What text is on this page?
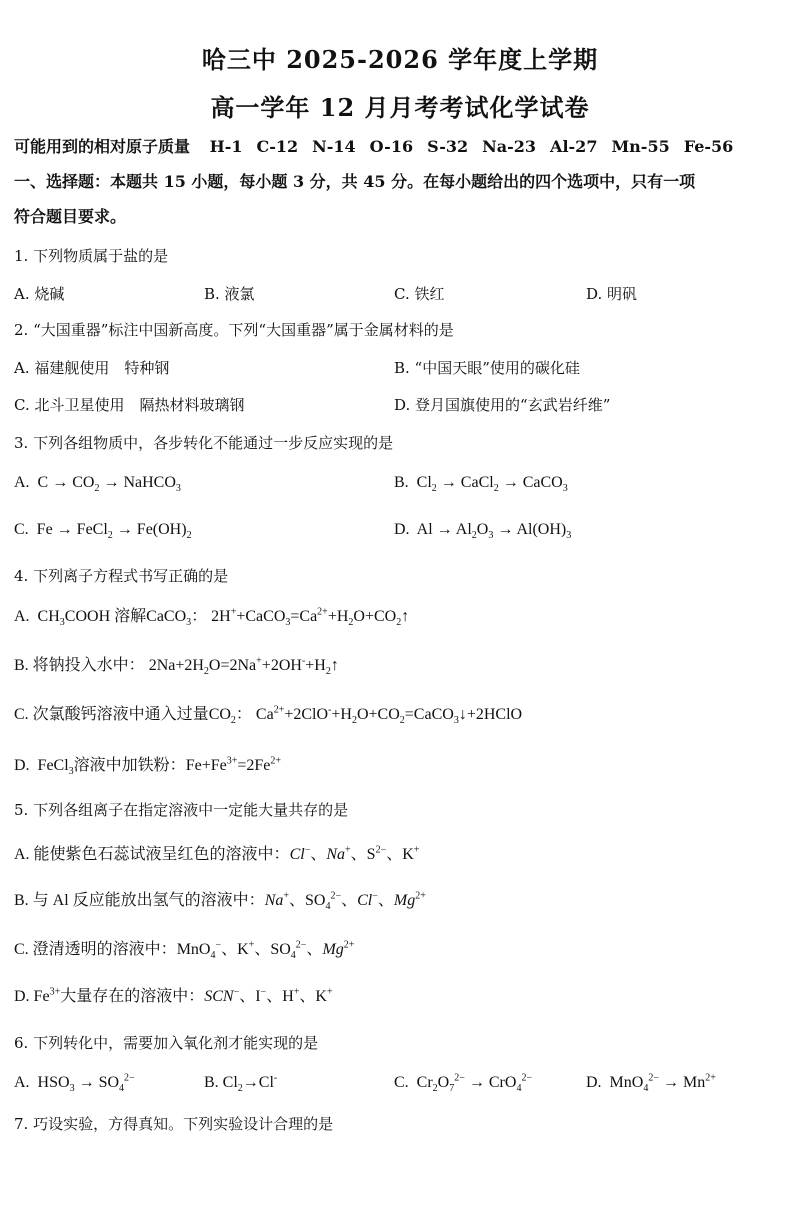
哈三中 2025-2026 学年度上学期
高一学年 12 月月考考试化学试卷
可能用到的相对原子质量 H-1 C-12 N-14 O-16 S-32 Na-23 Al-27 Mn-55 Fe-56
一、选择题：本题共 15 小题，每小题 3 分，共 45 分。在每小题给出的四个选项中，只有一项
符合题目要求。
1. 下列物质属于盐的是
A. 烧碱	B. 液氯	C. 铁红	D. 明矾
2. “大国重器”标注中国新高度。下列“大国重器”属于金属材料的是
A. 福建舰使用　特种钢	B. “中国天眼”使用的碳化硅
C. 北斗卫星使用　隔热材料玻璃钢	D. 登月国旗使用的“玄武岩纤维”
3. 下列各组物质中，各步转化不能通过一步反应实现的是
A.  $C \to CO_2$ → NaHCO$_3$	B.  $Cl_2$ → CaCl$_2$ → CaCO$_3$
C.  Fe → FeCl$_2$ → $Fe(OH)_2$	D.  $Al \to Al_2O_3 \to Al(OH)_3$
4. 下列离子方程式书写正确的是
A.  $CH_3COOH$ 溶解CaCO$_3$： $2H^++CaCO_3=Ca^{2+}+H_2O+CO_2↑$
B. 将钠投入水中： $2Na+2H_2O=2Na^++2OH^-+H_2↑$
C. 次氯酸钙溶液中通入过量$CO_2$： $Ca^{2+}+2ClO^-+H_2O+CO_2=CaCO_3↓+2HClO$
D.  FeCl$_3$溶液中加铁粉：$Fe+Fe^{3+}=2Fe^{2+}$
5. 下列各组离子在指定溶液中一定能大量共存的是
A. 能使紫色石蕊试液呈红色的溶液中：Cl−、Na+、$S^{2-}$、K+
B. 与 Al 反应能放出氢气的溶液中：Na+、$SO_4^{2-}$、Cl−、$Mg^{2+}$
C. 澄清透明的溶液中：MnO$_4$−、K+、$SO_4^{2-}$、$Mg^{2+}$
D. $Fe^{3+}$大量存在的溶液中：SCN−、I−、H+、K+
6. 下列转化中，需要加入氧化剂才能实现的是
A.  $HSO_3 \to SO_4^{2-}$	B. $Cl_2\to Cl^-$	C.  $Cr_2O_7^{2-} \to CrO_4^{2-}$	D.  $MnO_4^{2-} \to Mn^{2+}$
7. 巧设实验，方得真知。下列实验设计合理的是
